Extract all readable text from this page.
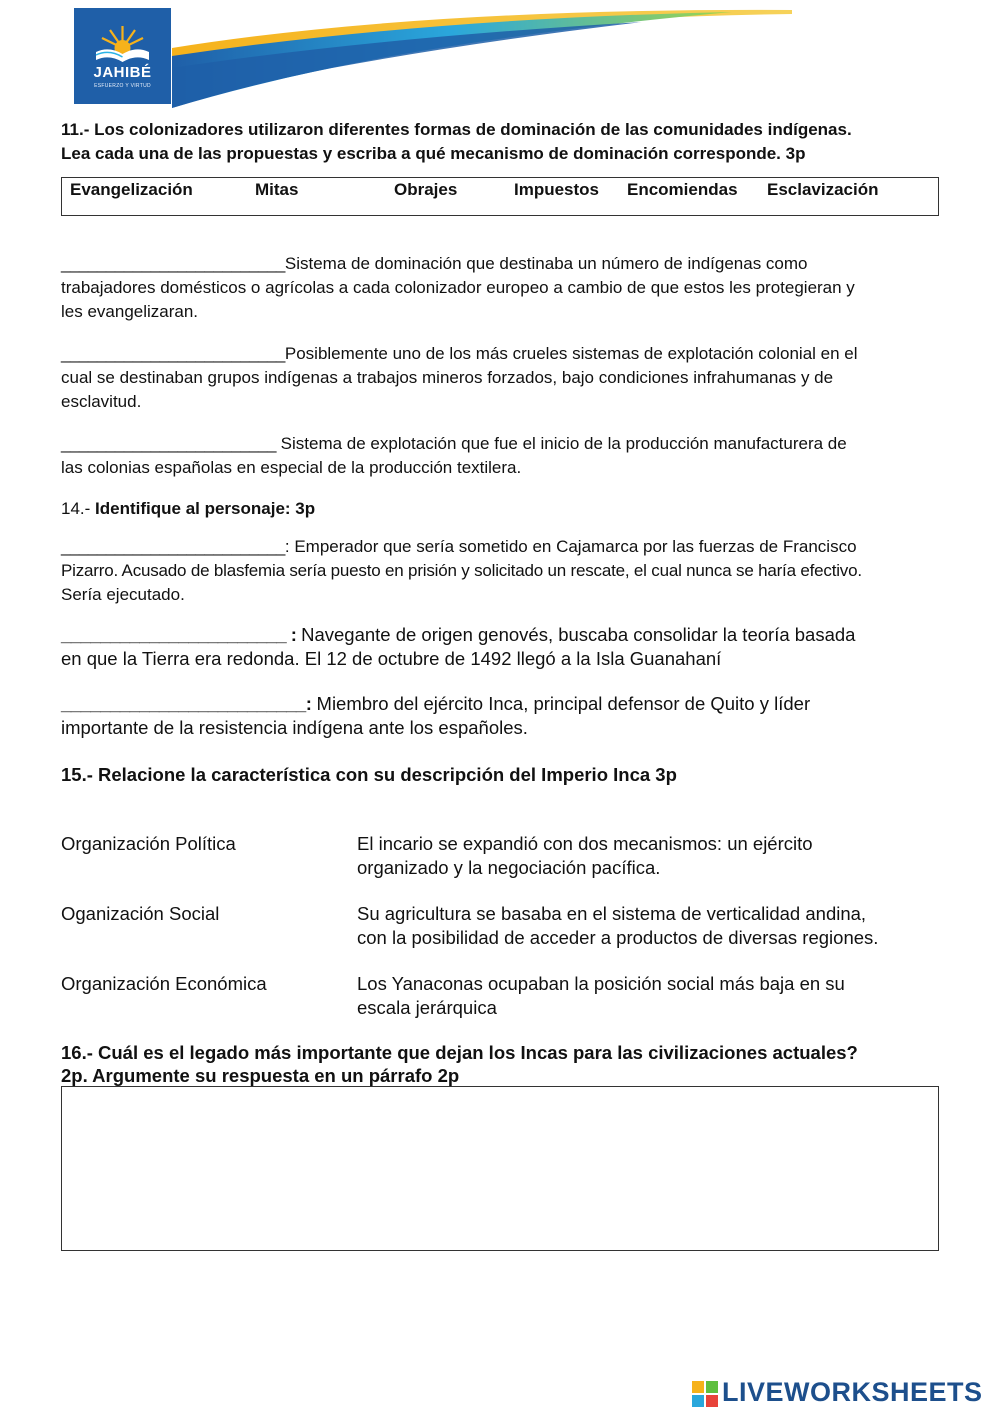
JAHIBÉ
ESFUERZO Y VIRTUD
11.- Los colonizadores utilizaron diferentes formas de dominación de las comunidades indígenas.
Lea cada una de las propuestas y escriba a qué mecanismo de dominación corresponde. 3p
Evangelización	Mitas	Obrajes	Impuestos Encomiendas Esclavización
_________________________Sistema de dominación que destinaba un número de indígenas como
trabajadores domésticos o agrícolas a cada colonizador europeo a cambio de que estos les protegieran y
les evangelizaran.
_________________________Posiblemente uno de los más crueles sistemas de explotación colonial en el
cual se destinaban grupos indígenas a trabajos mineros forzados, bajo condiciones infrahumanas y de
esclavitud.
________________________ Sistema de explotación que fue el inicio de la producción manufacturera de
las colonias españolas en especial de la producción textilera.
14.- Identifique al personaje: 3p
_________________________: Emperador que sería sometido en Cajamarca por las fuerzas de Francisco
Pizarro. Acusado de blasfemia sería puesto en prisión y solicitado un rescate, el cual nunca se haría efectivo.
Sería ejecutado.
_______________________ : Navegante de origen genovés, buscaba consolidar la teoría basada
en que la Tierra era redonda. El 12 de octubre de 1492 llegó a la Isla Guanahaní
_________________________: Miembro del ejército Inca, principal defensor de Quito y líder
importante de la resistencia indígena ante los españoles.
15.- Relacione la característica con su descripción del Imperio Inca 3p
Organización Política	El incario se expandió con dos mecanismos: un ejército
organizado y la negociación pacífica.
Oganización Social	Su agricultura se basaba en el sistema de verticalidad andina,
con la posibilidad de acceder a productos de diversas regiones.
Organización Económica	Los Yanaconas ocupaban la posición social más baja en su
escala jerárquica
16.- Cuál es el legado más importante que dejan los Incas para las civilizaciones actuales?
2p. Argumente su respuesta en un párrafo 2p
LIVEWORKSHEETS
